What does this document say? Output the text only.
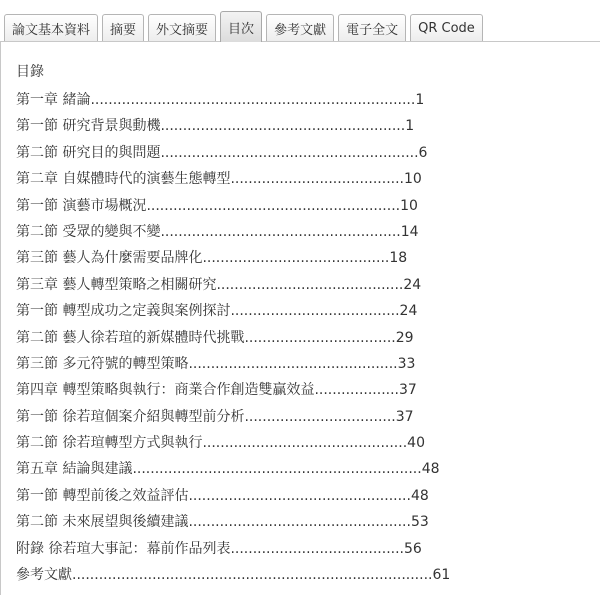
論文基本資料	摘要	外文摘要	目次	參考文獻	電子全文	QR Code
目錄
第一章 緒論.........................................................................1
第一節 研究背景與動機.......................................................1
第二節 研究目的與問題..........................................................6
第二章 自媒體時代的演藝生態轉型.......................................10
第一節 演藝市場概況.........................................................10
第二節 受眾的變與不變......................................................14
第三節 藝人為什麼需要品牌化..........................................18
第三章 藝人轉型策略之相關研究..........................................24
第一節 轉型成功之定義與案例探討......................................24
第二節 藝人徐若瑄的新媒體時代挑戰..................................29
第三節 多元符號的轉型策略...............................................33
第四章 轉型策略與執行：商業合作創造雙贏效益...................37
第一節 徐若瑄個案介紹與轉型前分析..................................37
第二節 徐若瑄轉型方式與執行..............................................40
第五章 結論與建議.................................................................48
第一節 轉型前後之效益評估..................................................48
第二節 未來展望與後續建議..................................................53
附錄 徐若瑄大事記：幕前作品列表.......................................56
參考文獻.................................................................................61
